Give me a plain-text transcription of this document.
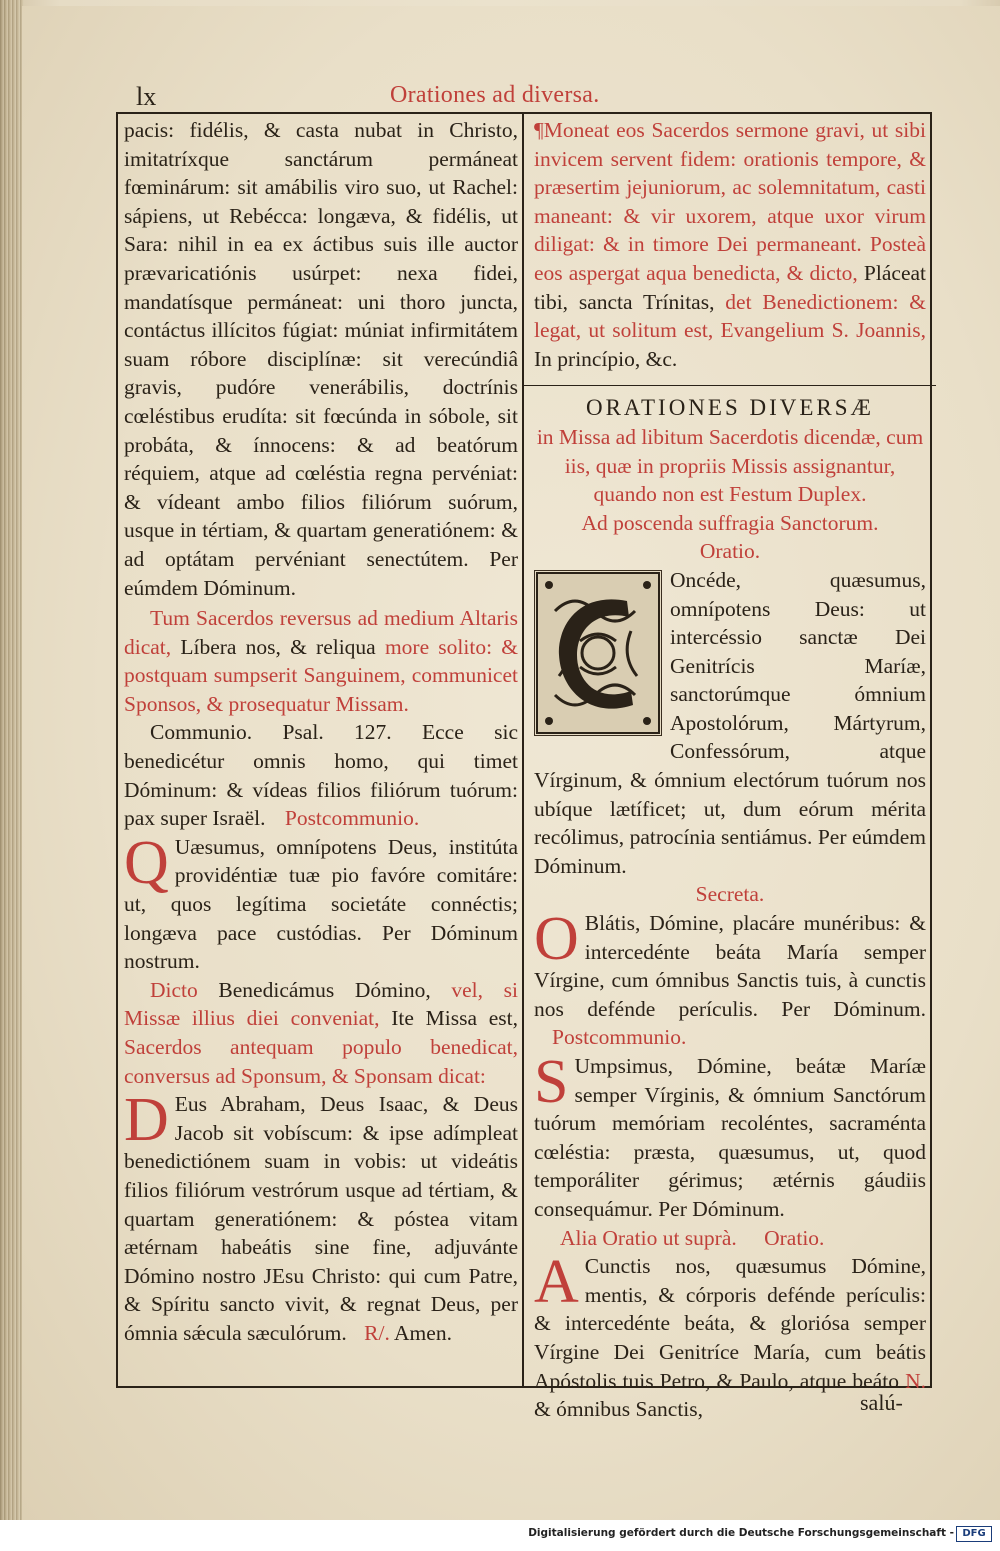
lx	Orationes ad diversa.

pacis: fidélis, & casta nubat in Christo, imitatríxque sanctárum permáneat fœminárum: sit amábilis viro suo, ut Rachel: sápiens, ut Rebécca: longæva, & fidélis, ut Sara: nihil in ea ex áctibus suis ille auctor prævaricatiónis usúrpet: nexa fidei, mandatísque permáneat: uni thoro juncta, contáctus illícitos fúgiat: múniat infirmitátem suam róbore disciplínæ: sit verecúndiâ gravis, pudóre venerábilis, doctrínis cœléstibus erudíta: sit fœcúnda in sóbole, sit probáta, & ínnocens: & ad beatórum réquiem, atque ad cœléstia regna pervéniat: & vídeant ambo filios filiórum suórum, usque in tértiam, & quartam generatiónem: & ad optátam pervéniant senectútem. Per eúmdem Dóminum.

Tum Sacerdos reversus ad medium Altaris dicat, Líbera nos, & reliqua more solito: & postquam sumpserit Sanguinem, communicet Sponsos, & prosequatur Missam.

Communio. Psal. 127. Ecce sic benedicétur omnis homo, qui timet Dóminum: & vídeas filios filiórum tuórum: pax super Israël. Postcommunio.

Q Uæsumus, omnípotens Deus, institúta providéntiæ tuæ pio favóre comitáre: ut, quos legítima societáte connéctis; longæva pace custódias. Per Dóminum nostrum.

Dicto Benedicámus Dómino, vel, si Missæ illius diei conveniat, Ite Missa est, Sacerdos antequam populo benedicat, conversus ad Sponsum, & Sponsam dicat:

D Eus Abraham, Deus Isaac, & Deus Jacob sit vobíscum: & ipse adímpleat benedictiónem suam in vobis: ut videátis filios filiórum vestrórum usque ad tértiam, & quartam generatiónem: & póstea vitam ætérnam habeátis sine fine, adjuvánte Dómino nostro JEsu Christo: qui cum Patre, & Spíritu sancto vivit, & regnat Deus, per ómnia sǽcula sæculórum. R/. Amen.

¶Moneat eos Sacerdos sermone gravi, ut sibi invicem servent fidem: orationis tempore, & præsertim jejuniorum, ac solemnitatum, casti maneant: & vir uxorem, atque uxor virum diligat: & in timore Dei permaneant. Posteà eos aspergat aqua benedicta, & dicto, Pláceat tibi, sancta Trínitas, det Benedictionem: & legat, ut solitum est, Evangelium S. Joannis, In princípio, &c.

ORATIONES DIVERSÆ

in Missa ad libitum Sacerdotis dicendæ, cum iis, quæ in propriis Missis assignantur, quando non est Festum Duplex.

Ad poscenda suffragia Sanctorum.

Oratio.

Oncéde, quæsumus, omnípotens Deus: ut intercéssio sanctæ Dei Genitrícis Maríæ, sanctorúmque ómnium Apostolórum, Mártyrum, Confessórum, atque Vírginum, & ómnium electórum tuórum nos ubíque lætíficet; ut, dum eórum mérita recólimus, patrocínia sentiámus. Per eúmdem Dóminum.

Secreta.

O Blátis, Dómine, placáre munéribus: & intercedénte beáta María semper Vírgine, cum ómnibus Sanctis tuis, à cunctis nos defénde perículis. Per Dóminum. Postcommunio.

S Umpsimus, Dómine, beátæ Maríæ semper Vírginis, & ómnium Sanctórum tuórum memóriam recoléntes, sacraménta cœléstia: præsta, quæsumus, ut, quod temporáliter gérimus; ætérnis gáudiis consequámur. Per Dóminum.

Alia Oratio ut suprà. Oratio.

A Cunctis nos, quæsumus Dómine, mentis, & córporis defénde perículis: & intercedénte beáta, & gloriósa semper Vírgine Dei Genitríce María, cum beátis Apóstolis tuis Petro, & Paulo, atque beáto N. & ómnibus Sanctis,	salú-
Digitalisierung gefördert durch die Deutsche Forschungsgemeinschaft - DFG
